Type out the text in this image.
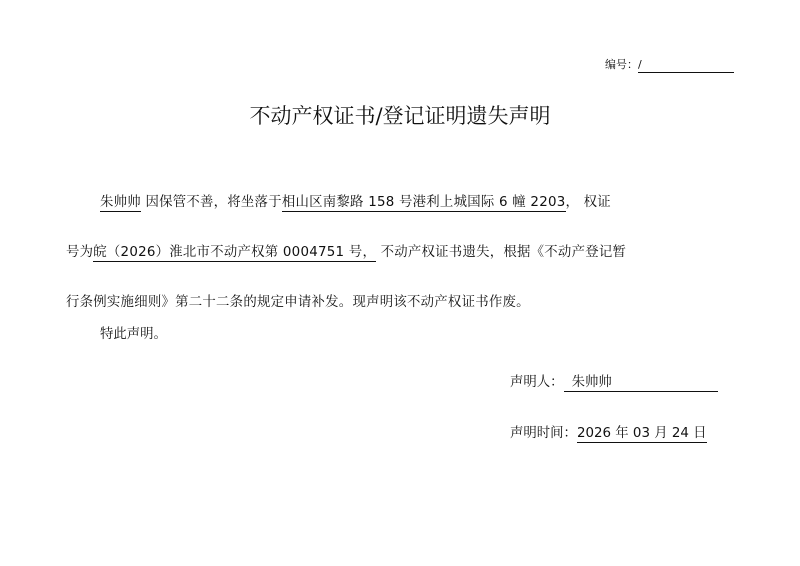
编号：/
不动产权证书/登记证明遗失声明

朱帅帅 因保管不善，将坐落于相山区南黎路 158 号港利上城国际 6 幢 2203， 权证
号为皖（2026）淮北市不动产权第 0004751 号， 不动产权证书遗失，根据《不动产登记暂
行条例实施细则》第二十二条的规定申请补发。现声明该不动产权证书作废。

特此声明。

声明人： 朱帅帅
声明时间：2026 年 03 月 24 日
